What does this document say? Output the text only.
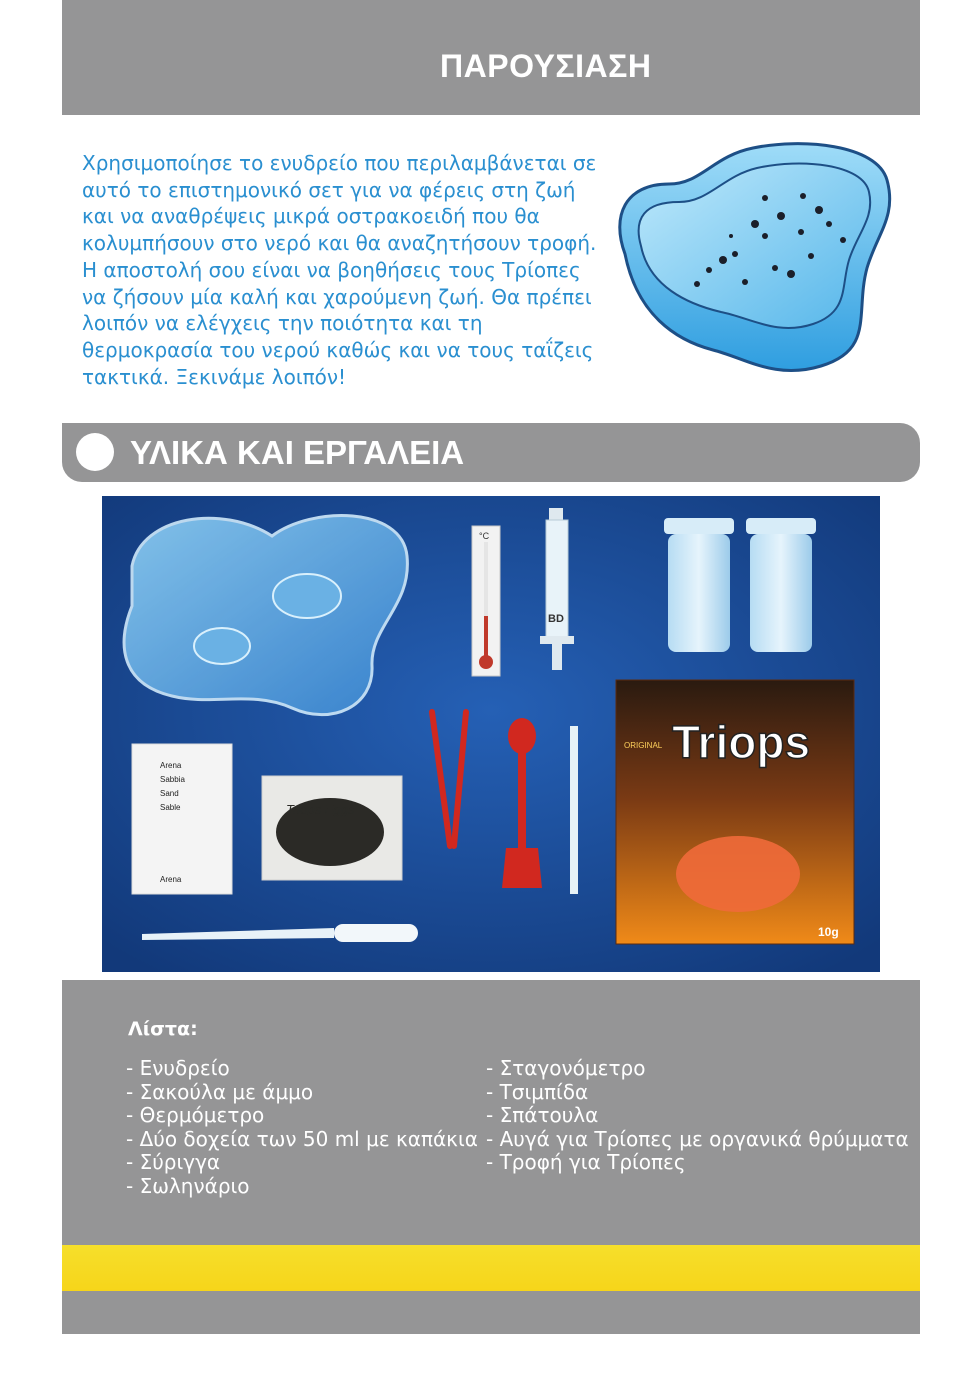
ΠΑΡΟΥΣΙΑΣΗ

Χρησιμοποίησε το ενυδρείο που περιλαμβάνεται σε αυτό το επιστημονικό σετ για να φέρεις στη ζωή και να αναθρέψεις μικρά οστρακοειδή που θα κολυμπήσουν στο νερό και θα αναζητήσουν τροφή. Η αποστολή σου είναι να βοηθήσεις τους Τρίοπες να ζήσουν μία καλή και χαρούμενη ζωή. Θα πρέπει λοιπόν να ελέγχεις την ποιότητα και τη θερμοκρασία του νερού καθώς και να τους ταΐζεις τακτικά. Ξεκινάμε λοιπόν!

ΥΛΙΚΑ ΚΑΙ ΕΡΓΑΛΕΙΑ
°C
BD
Arena
Sabbia
Sand
Sable
Arena
Triops Eggs
Triops
ORIGINAL
10g
Λίστα:
- Ενυδρείο
- Σακούλα με άμμο
- Θερμόμετρο
- Δύο δοχεία των 50 ml με καπάκια
- Σύριγγα
- Σωληνάριο
- Σταγονόμετρο
- Τσιμπίδα
- Σπάτουλα
- Αυγά για Τρίοπες με οργανικά θρύμματα
- Τροφή για Τρίοπες
